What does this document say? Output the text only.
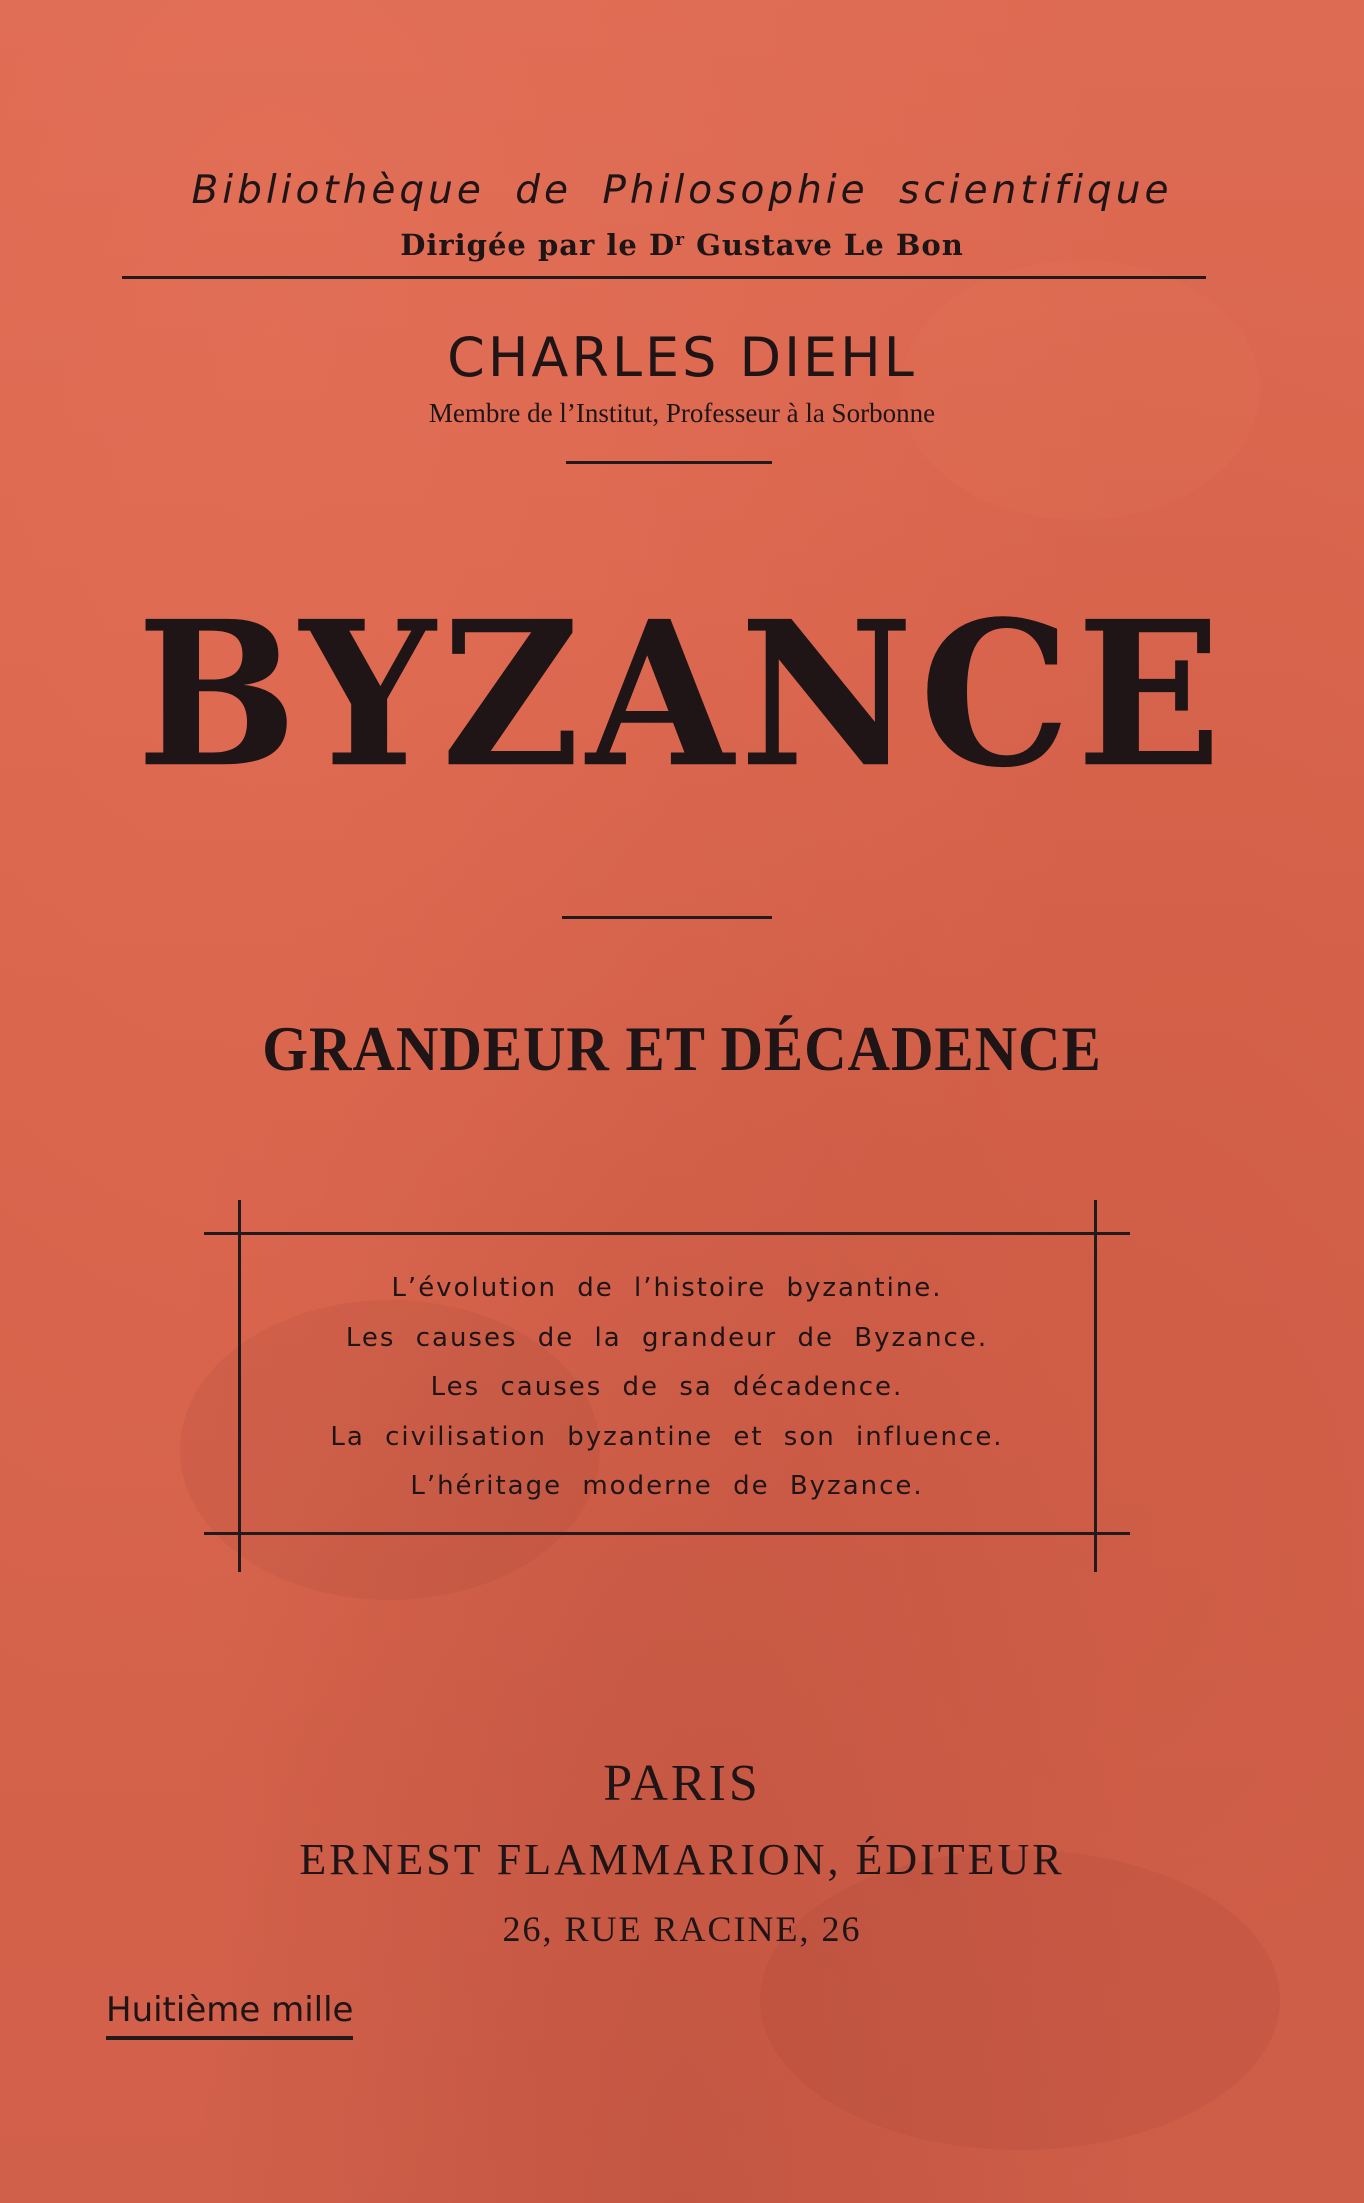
Bibliothèque de Philosophie scientifique
Dirigée par le $D^r$ Gustave Le Bon
CHARLES DIEHL
Membre de l’Institut, Professeur à la Sorbonne
BYZANCE
GRANDEUR ET DÉCADENCE
L’évolution de l’histoire byzantine.
Les causes de la grandeur de Byzance.
Les causes de sa décadence.
La civilisation byzantine et son influence.
L’héritage moderne de Byzance.
PARIS
ERNEST FLAMMARION, ÉDITEUR
26, RUE RACINE, 26
Huitième mille
